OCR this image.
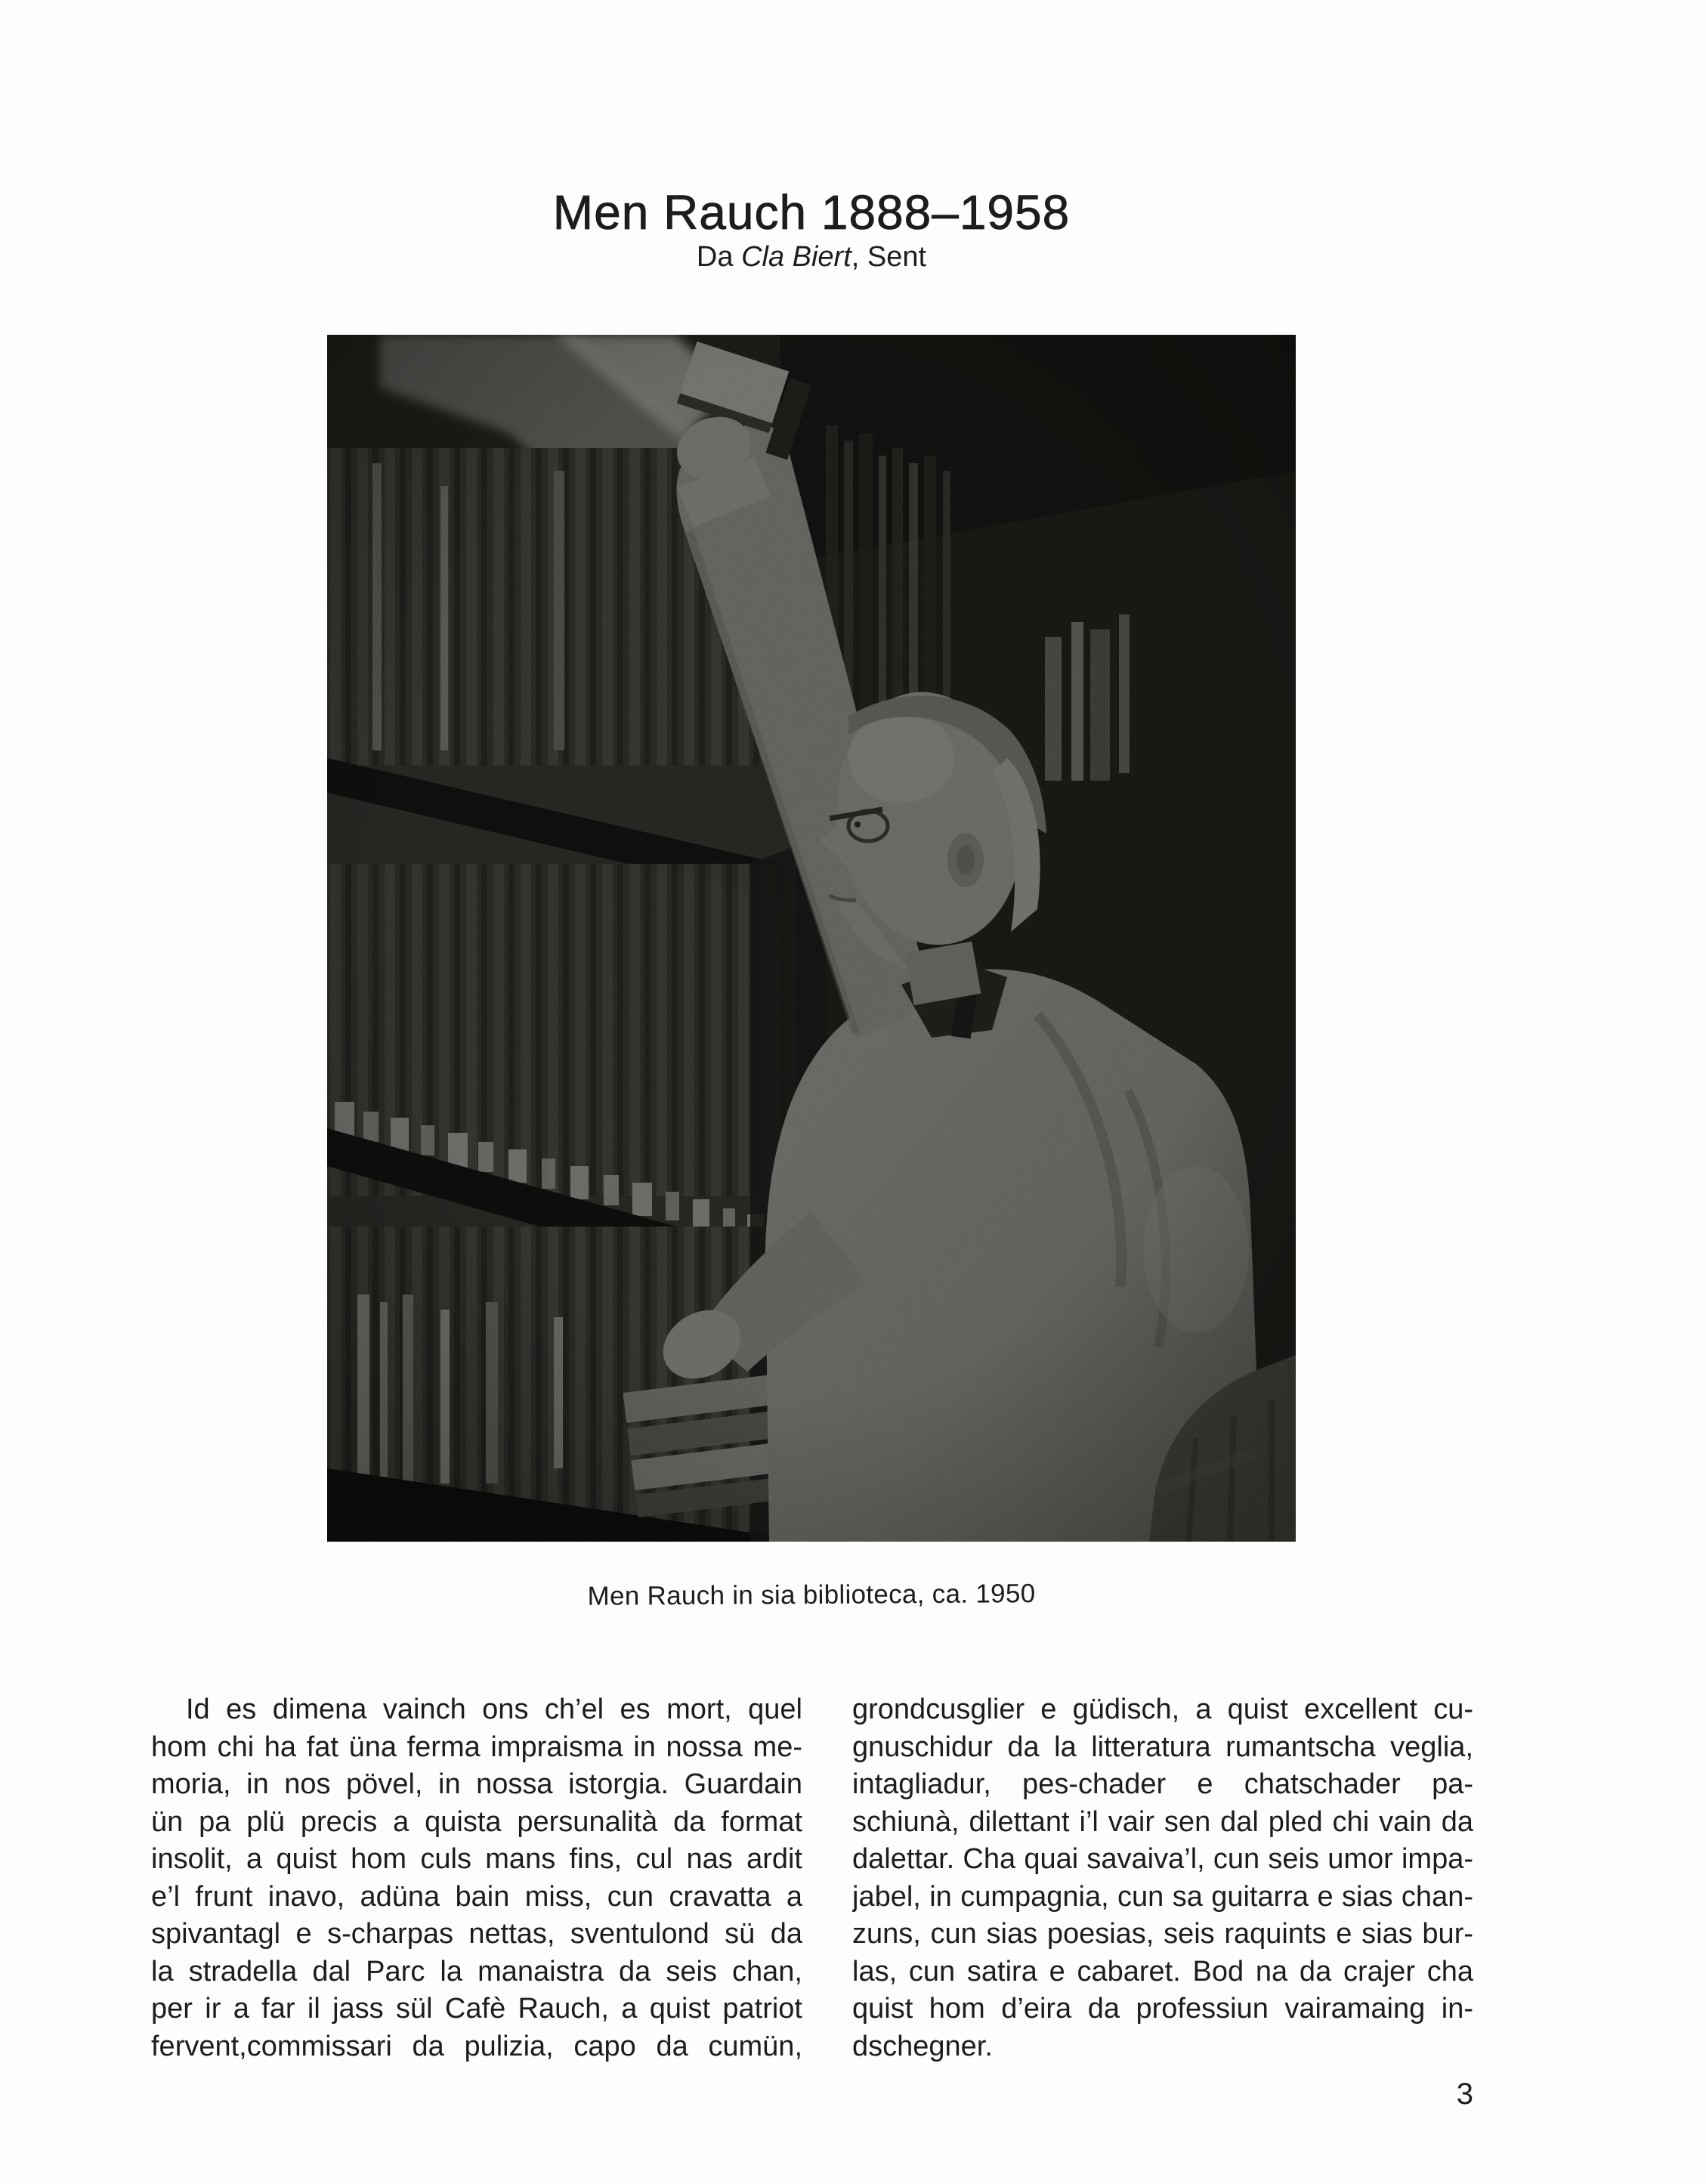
Men Rauch 1888–1958
Da Cla Biert, Sent
Men Rauch in sia biblioteca, ca. 1950
Id es dimena vainch ons ch’el es mort, quel
hom chi ha fat üna ferma impraisma in nossa me-
moria, in nos pövel, in nossa istorgia. Guardain
ün pa plü precis a quista persunalità da format
insolit, a quist hom culs mans fins, cul nas ardit
e’l frunt inavo, adüna bain miss, cun cravatta a
spivantagl e s-charpas nettas, sventulond sü da
la stradella dal Parc la manaistra da seis chan,
per ir a far il jass sül Cafè Rauch, a quist patriot
fervent,commissari da pulizia, capo da cumün,
grondcusglier e güdisch, a quist excellent cu-
gnuschidur da la litteratura rumantscha veglia,
intagliadur, pes-chader e chatschader pa-
schiunà, dilettant i’l vair sen dal pled chi vain da
dalettar. Cha quai savaiva’l, cun seis umor impa-
jabel, in cumpagnia, cun sa guitarra e sias chan-
zuns, cun sias poesias, seis raquints e sias bur-
las, cun satira e cabaret. Bod na da crajer cha
quist hom d’eira da professiun vairamaing in-
dschegner.
3
